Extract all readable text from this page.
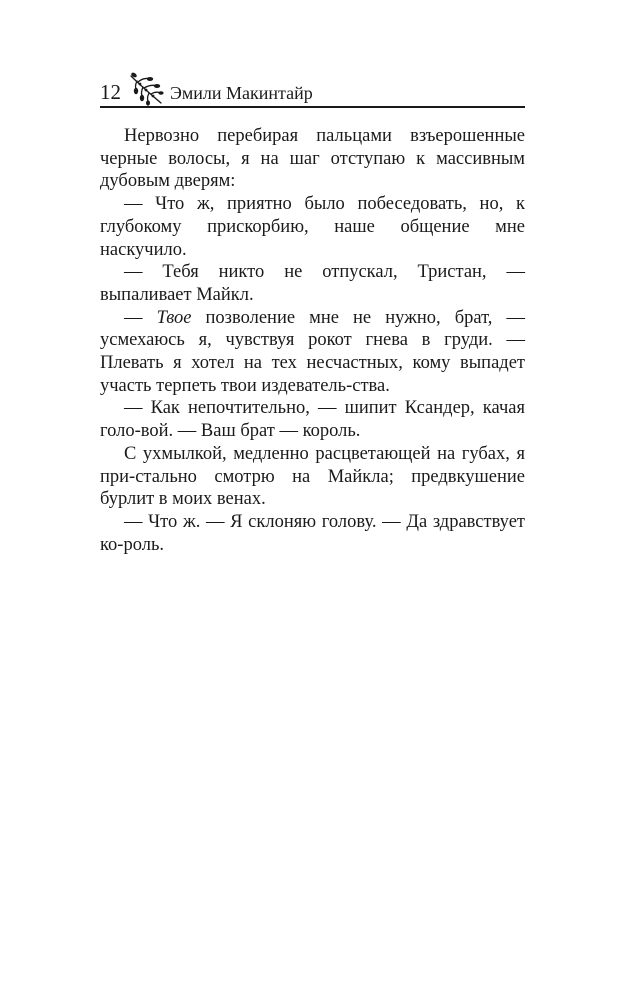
12	Эмили Макинтайр

Нервозно перебирая пальцами взъерошенные черные волосы, я на шаг отступаю к массивным дубовым дверям:

— Что ж, приятно было побеседовать, но, к глубокому прискорбию, наше общение мне наскучило.

— Тебя никто не отпускал, Тристан, — выпаливает Майкл.

— Твое позволение мне не нужно, брат, — усмехаюсь я, чувствуя рокот гнева в груди. — Плевать я хотел на тех несчастных, кому выпадет участь терпеть твои издеватель-ства.

— Как непочтительно, — шипит Ксандер, качая голо-вой. — Ваш брат — король.

С ухмылкой, медленно расцветающей на губах, я при-стально смотрю на Майкла; предвкушение бурлит в моих венах.

— Что ж. — Я склоняю голову. — Да здравствует ко-роль.
